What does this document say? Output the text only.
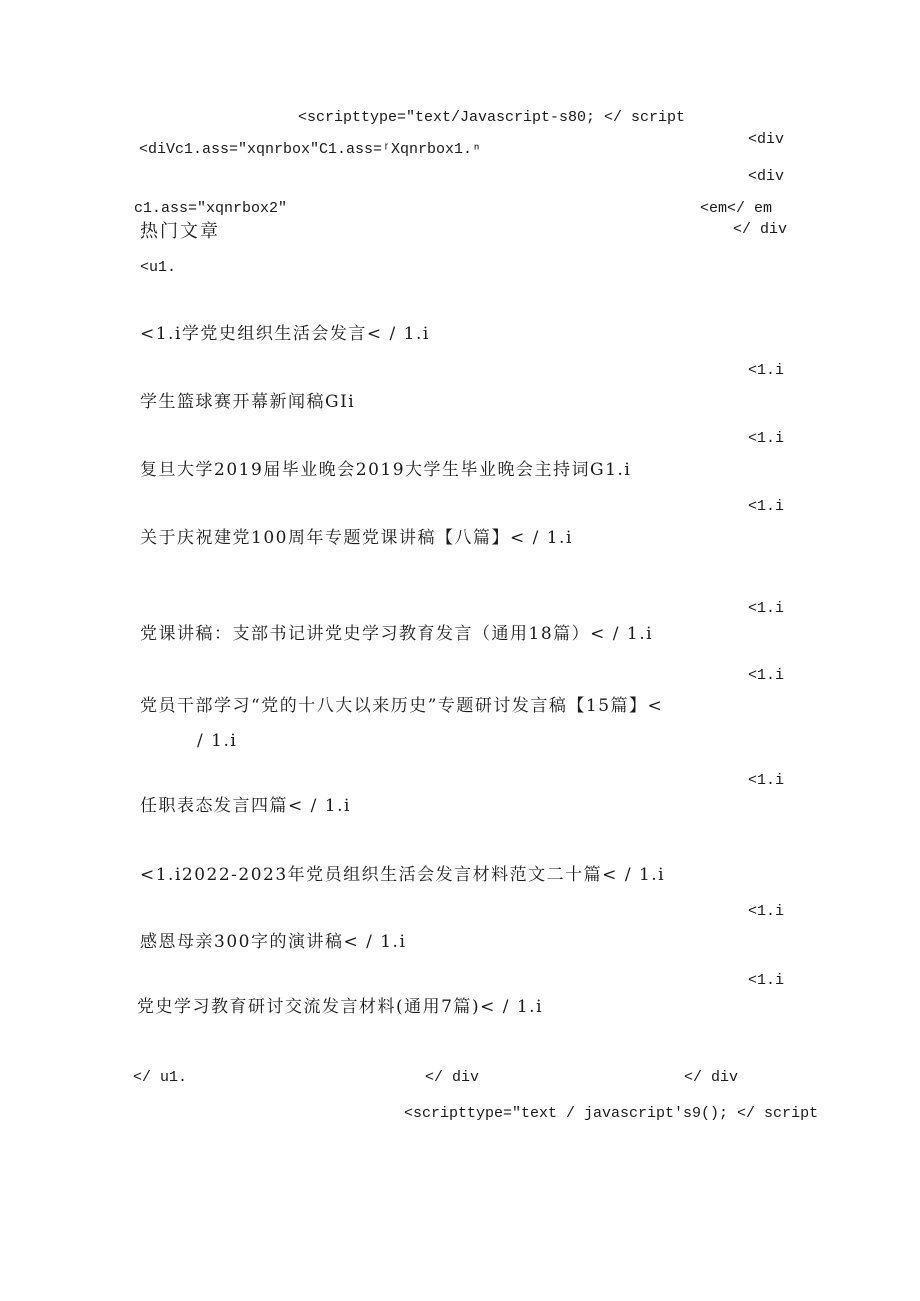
<scripttype="text/Javascript-s80; </ script
<div
<diVc1.ass="xqnrbox"C1.ass=ʳXqnrbox1.ⁿ
<div
c1.ass="xqnrbox2"	<em</ em
热门文章	</ div
<u1.
<1.i学党史组织生活会发言< / 1.i
<1.i
学生篮球赛开幕新闻稿GIi
<1.i
复旦大学2019届毕业晚会2019大学生毕业晚会主持词G1.i
<1.i
关于庆祝建党100周年专题党课讲稿【八篇】< / 1.i
<1.i
党课讲稿：支部书记讲党史学习教育发言（通用18篇）< / 1.i
<1.i
党员干部学习“党的十八大以来历史”专题研讨发言稿【15篇】<
/ 1.i
<1.i
任职表态发言四篇< / 1.i
<1.i2022-2023年党员组织生活会发言材料范文二十篇< / 1.i
<1.i
感恩母亲300字的演讲稿< / 1.i
<1.i
党史学习教育研讨交流发言材料(通用7篇)< / 1.i
</ u1.	</ div	</ div
<scripttype="text / javascript's9(); </ script
